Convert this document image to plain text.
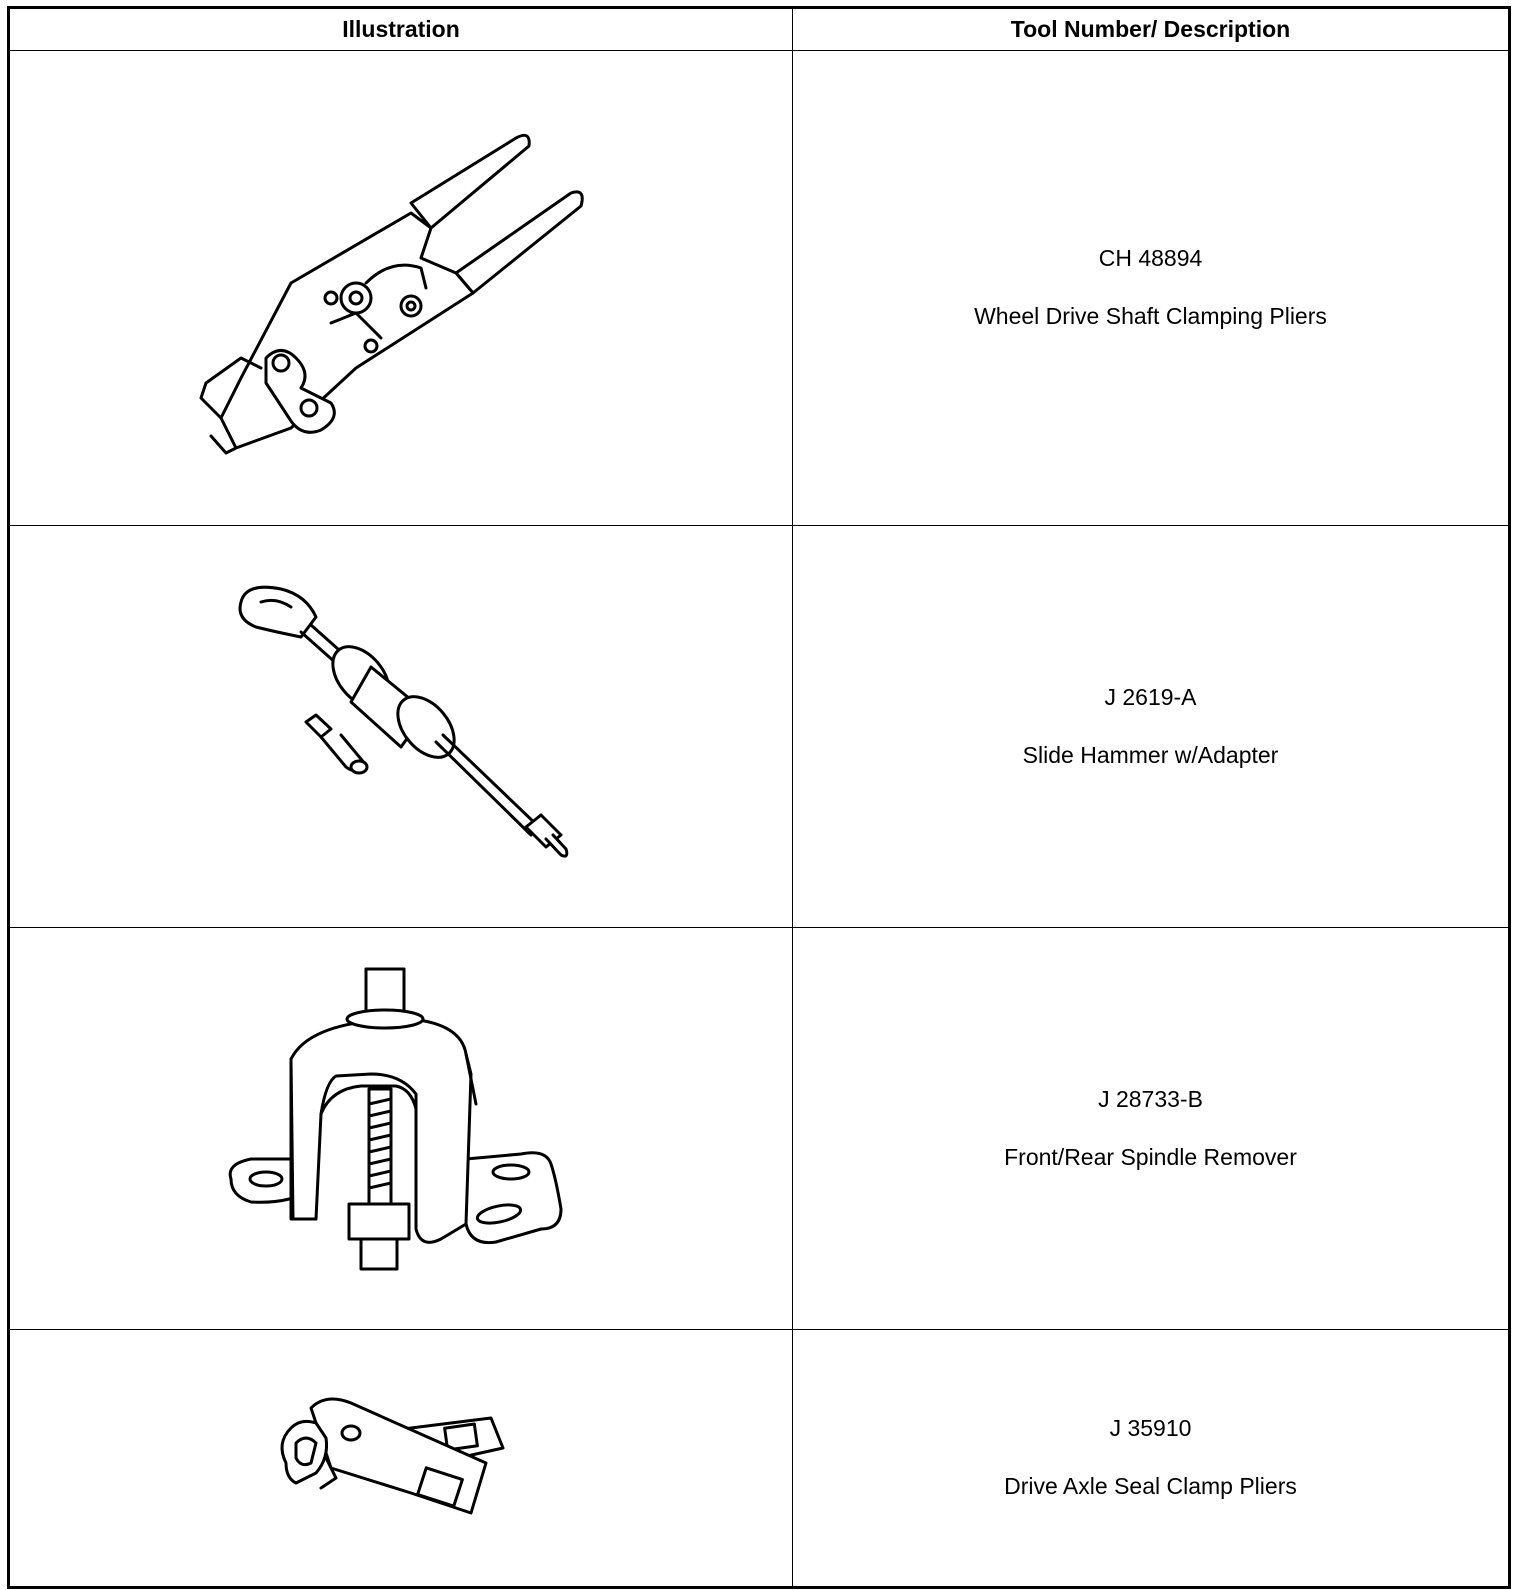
Illustration	Tool Number/ Description

CH 48894
Wheel Drive Shaft Clamping Pliers

J 2619-A
Slide Hammer w/Adapter

J 28733-B
Front/Rear Spindle Remover

J 35910
Drive Axle Seal Clamp Pliers
